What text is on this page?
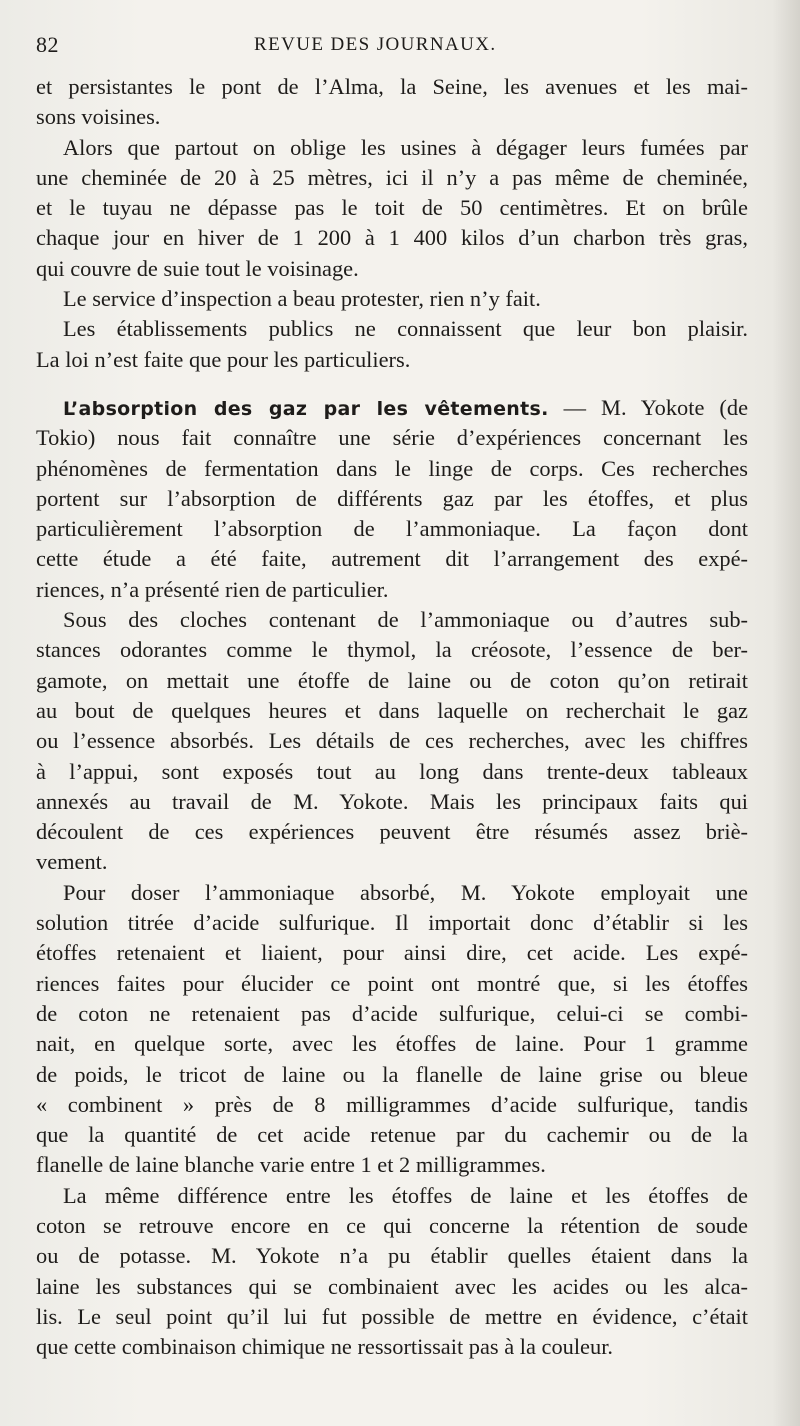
82	REVUE DES JOURNAUX.
et persistantes le pont de l’Alma, la Seine, les avenues et les mai-
sons voisines.
Alors que partout on oblige les usines à dégager leurs fumées par
une cheminée de 20 à 25 mètres, ici il n’y a pas même de cheminée,
et le tuyau ne dépasse pas le toit de 50 centimètres. Et on brûle
chaque jour en hiver de 1 200 à 1 400 kilos d’un charbon très gras,
qui couvre de suie tout le voisinage.
Le service d’inspection a beau protester, rien n’y fait.
Les établissements publics ne connaissent que leur bon plaisir.
La loi n’est faite que pour les particuliers.
L’absorption des gaz par les vêtements. — M. Yokote (de
Tokio) nous fait connaître une série d’expériences concernant les
phénomènes de fermentation dans le linge de corps. Ces recherches
portent sur l’absorption de différents gaz par les étoffes, et plus
particulièrement l’absorption de l’ammoniaque. La façon dont
cette étude a été faite, autrement dit l’arrangement des expé-
riences, n’a présenté rien de particulier.
Sous des cloches contenant de l’ammoniaque ou d’autres sub-
stances odorantes comme le thymol, la créosote, l’essence de ber-
gamote, on mettait une étoffe de laine ou de coton qu’on retirait
au bout de quelques heures et dans laquelle on recherchait le gaz
ou l’essence absorbés. Les détails de ces recherches, avec les chiffres
à l’appui, sont exposés tout au long dans trente-deux tableaux
annexés au travail de M. Yokote. Mais les principaux faits qui
découlent de ces expériences peuvent être résumés assez briè-
vement.
Pour doser l’ammoniaque absorbé, M. Yokote employait une
solution titrée d’acide sulfurique. Il importait donc d’établir si les
étoffes retenaient et liaient, pour ainsi dire, cet acide. Les expé-
riences faites pour élucider ce point ont montré que, si les étoffes
de coton ne retenaient pas d’acide sulfurique, celui-ci se combi-
nait, en quelque sorte, avec les étoffes de laine. Pour 1 gramme
de poids, le tricot de laine ou la flanelle de laine grise ou bleue
« combinent » près de 8 milligrammes d’acide sulfurique, tandis
que la quantité de cet acide retenue par du cachemir ou de la
flanelle de laine blanche varie entre 1 et 2 milligrammes.
La même différence entre les étoffes de laine et les étoffes de
coton se retrouve encore en ce qui concerne la rétention de soude
ou de potasse. M. Yokote n’a pu établir quelles étaient dans la
laine les substances qui se combinaient avec les acides ou les alca-
lis. Le seul point qu’il lui fut possible de mettre en évidence, c’était
que cette combinaison chimique ne ressortissait pas à la couleur.
